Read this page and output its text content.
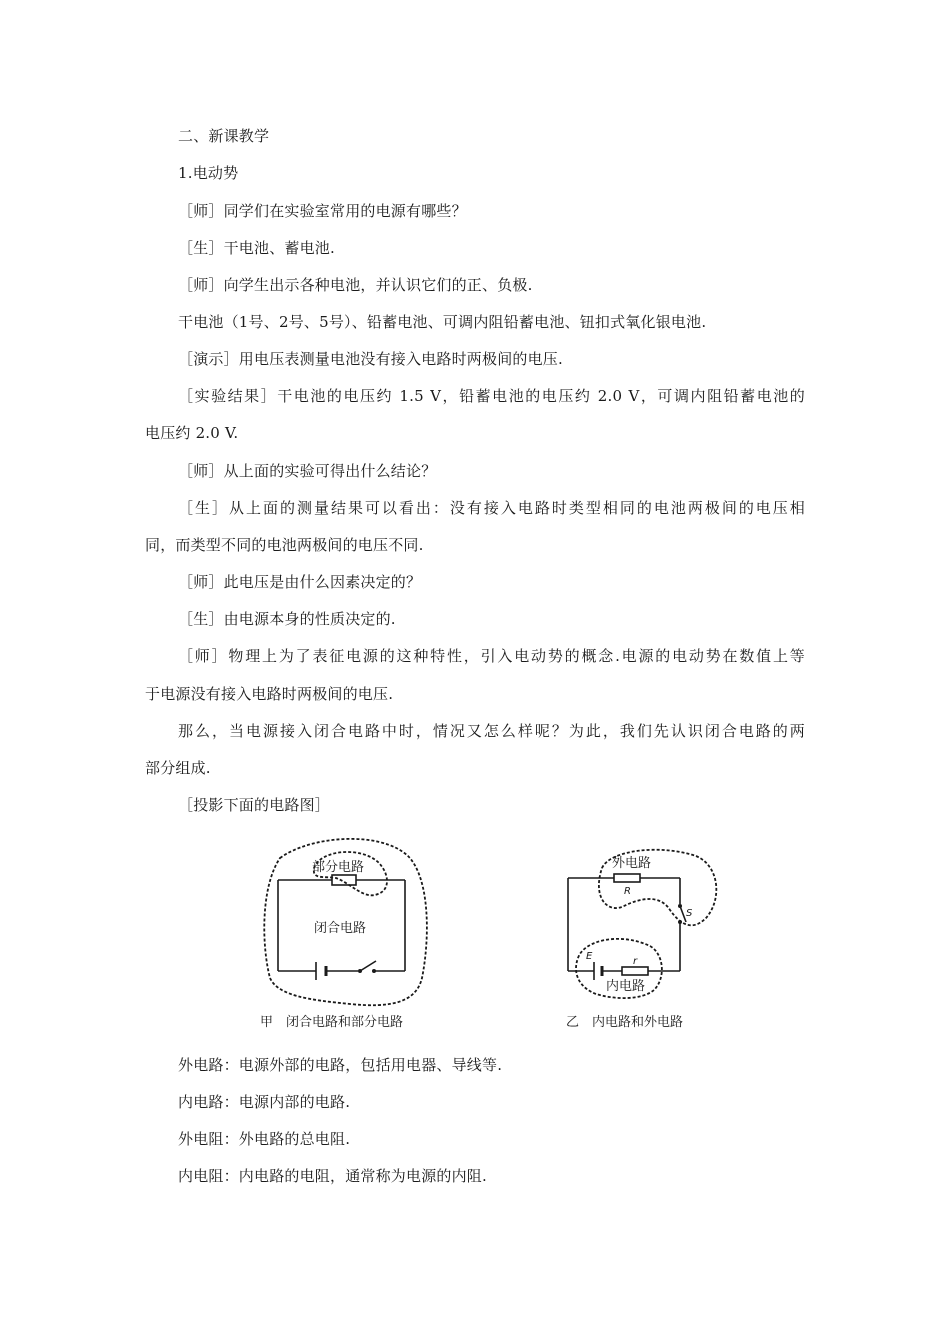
二、新课教学
1.电动势
［师］同学们在实验室常用的电源有哪些？
［生］干电池、蓄电池.
［师］向学生出示各种电池，并认识它们的正、负极.
干电池（1号、2号、5号）、铅蓄电池、可调内阻铅蓄电池、钮扣式氧化银电池.
［演示］用电压表测量电池没有接入电路时两极间的电压.
［实验结果］干电池的电压约 1.5 V，铅蓄电池的电压约 2.0 V，可调内阻铅蓄电池的
电压约 2.0 V.
［师］从上面的实验可得出什么结论？
［生］从上面的测量结果可以看出：没有接入电路时类型相同的电池两极间的电压相
同，而类型不同的电池两极间的电压不同.
［师］此电压是由什么因素决定的？
［生］由电源本身的性质决定的.
［师］物理上为了表征电源的这种特性，引入电动势的概念.电源的电动势在数值上等
于电源没有接入电路时两极间的电压.
那么，当电源接入闭合电路中时，情况又怎么样呢？为此，我们先认识闭合电路的两
部分组成.
［投影下面的电路图］
部分电路
闭合电路
甲　闭合电路和部分电路
外电路
R
S
E	r
内电路
乙　内电路和外电路
外电路：电源外部的电路，包括用电器、导线等.
内电路：电源内部的电路.
外电阻：外电路的总电阻.
内电阻：内电路的电阻，通常称为电源的内阻.
